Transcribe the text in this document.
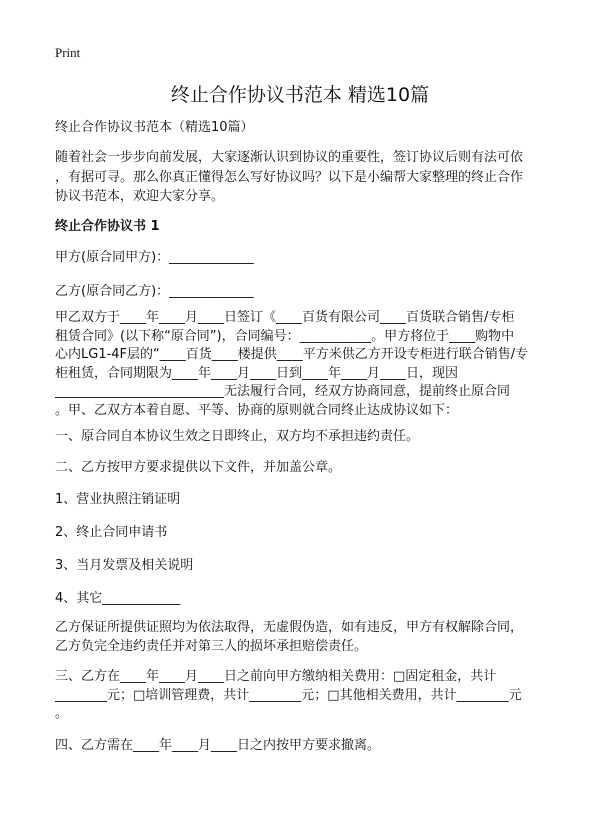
Print
终止合作协议书范本 精选10篇
终止合作协议书范本（精选10篇）
随着社会一步步向前发展，大家逐渐认识到协议的重要性，签订协议后则有法可依
，有据可寻。那么你真正懂得怎么写好协议吗？以下是小编帮大家整理的终止合作
协议书范本，欢迎大家分享。
终止合作协议书 1
甲方(原合同甲方)：_____________
乙方(原合同乙方)：_____________
甲乙双方于____年____月____日签订《____百货有限公司____百货联合销售/专柜
租赁合同》(以下称“原合同”)，合同编号：___________。甲方将位于____购物中
心内LG1-4F层的“____百货____楼提供____平方米供乙方开设专柜进行联合销售/专
柜租赁，合同期限为____年____月____日到____年____月____日，现因
__________________________无法履行合同，经双方协商同意，提前终止原合同
。甲、乙双方本着自愿、平等、协商的原则就合同终止达成协议如下：
一、原合同自本协议生效之日即终止，双方均不承担违约责任。
二、乙方按甲方要求提供以下文件，并加盖公章。
1、营业执照注销证明
2、终止合同申请书
3、当月发票及相关说明
4、其它____________
乙方保证所提供证照均为依法取得，无虚假伪造，如有违反，甲方有权解除合同，
乙方负完全违约责任并对第三人的损坏承担赔偿责任。
三、乙方在____年____月____日之前向甲方缴纳相关费用：□固定租金，共计
________元；□培训管理费，共计________元；□其他相关费用，共计________元
。
四、乙方需在____年____月____日之内按甲方要求撤离。
